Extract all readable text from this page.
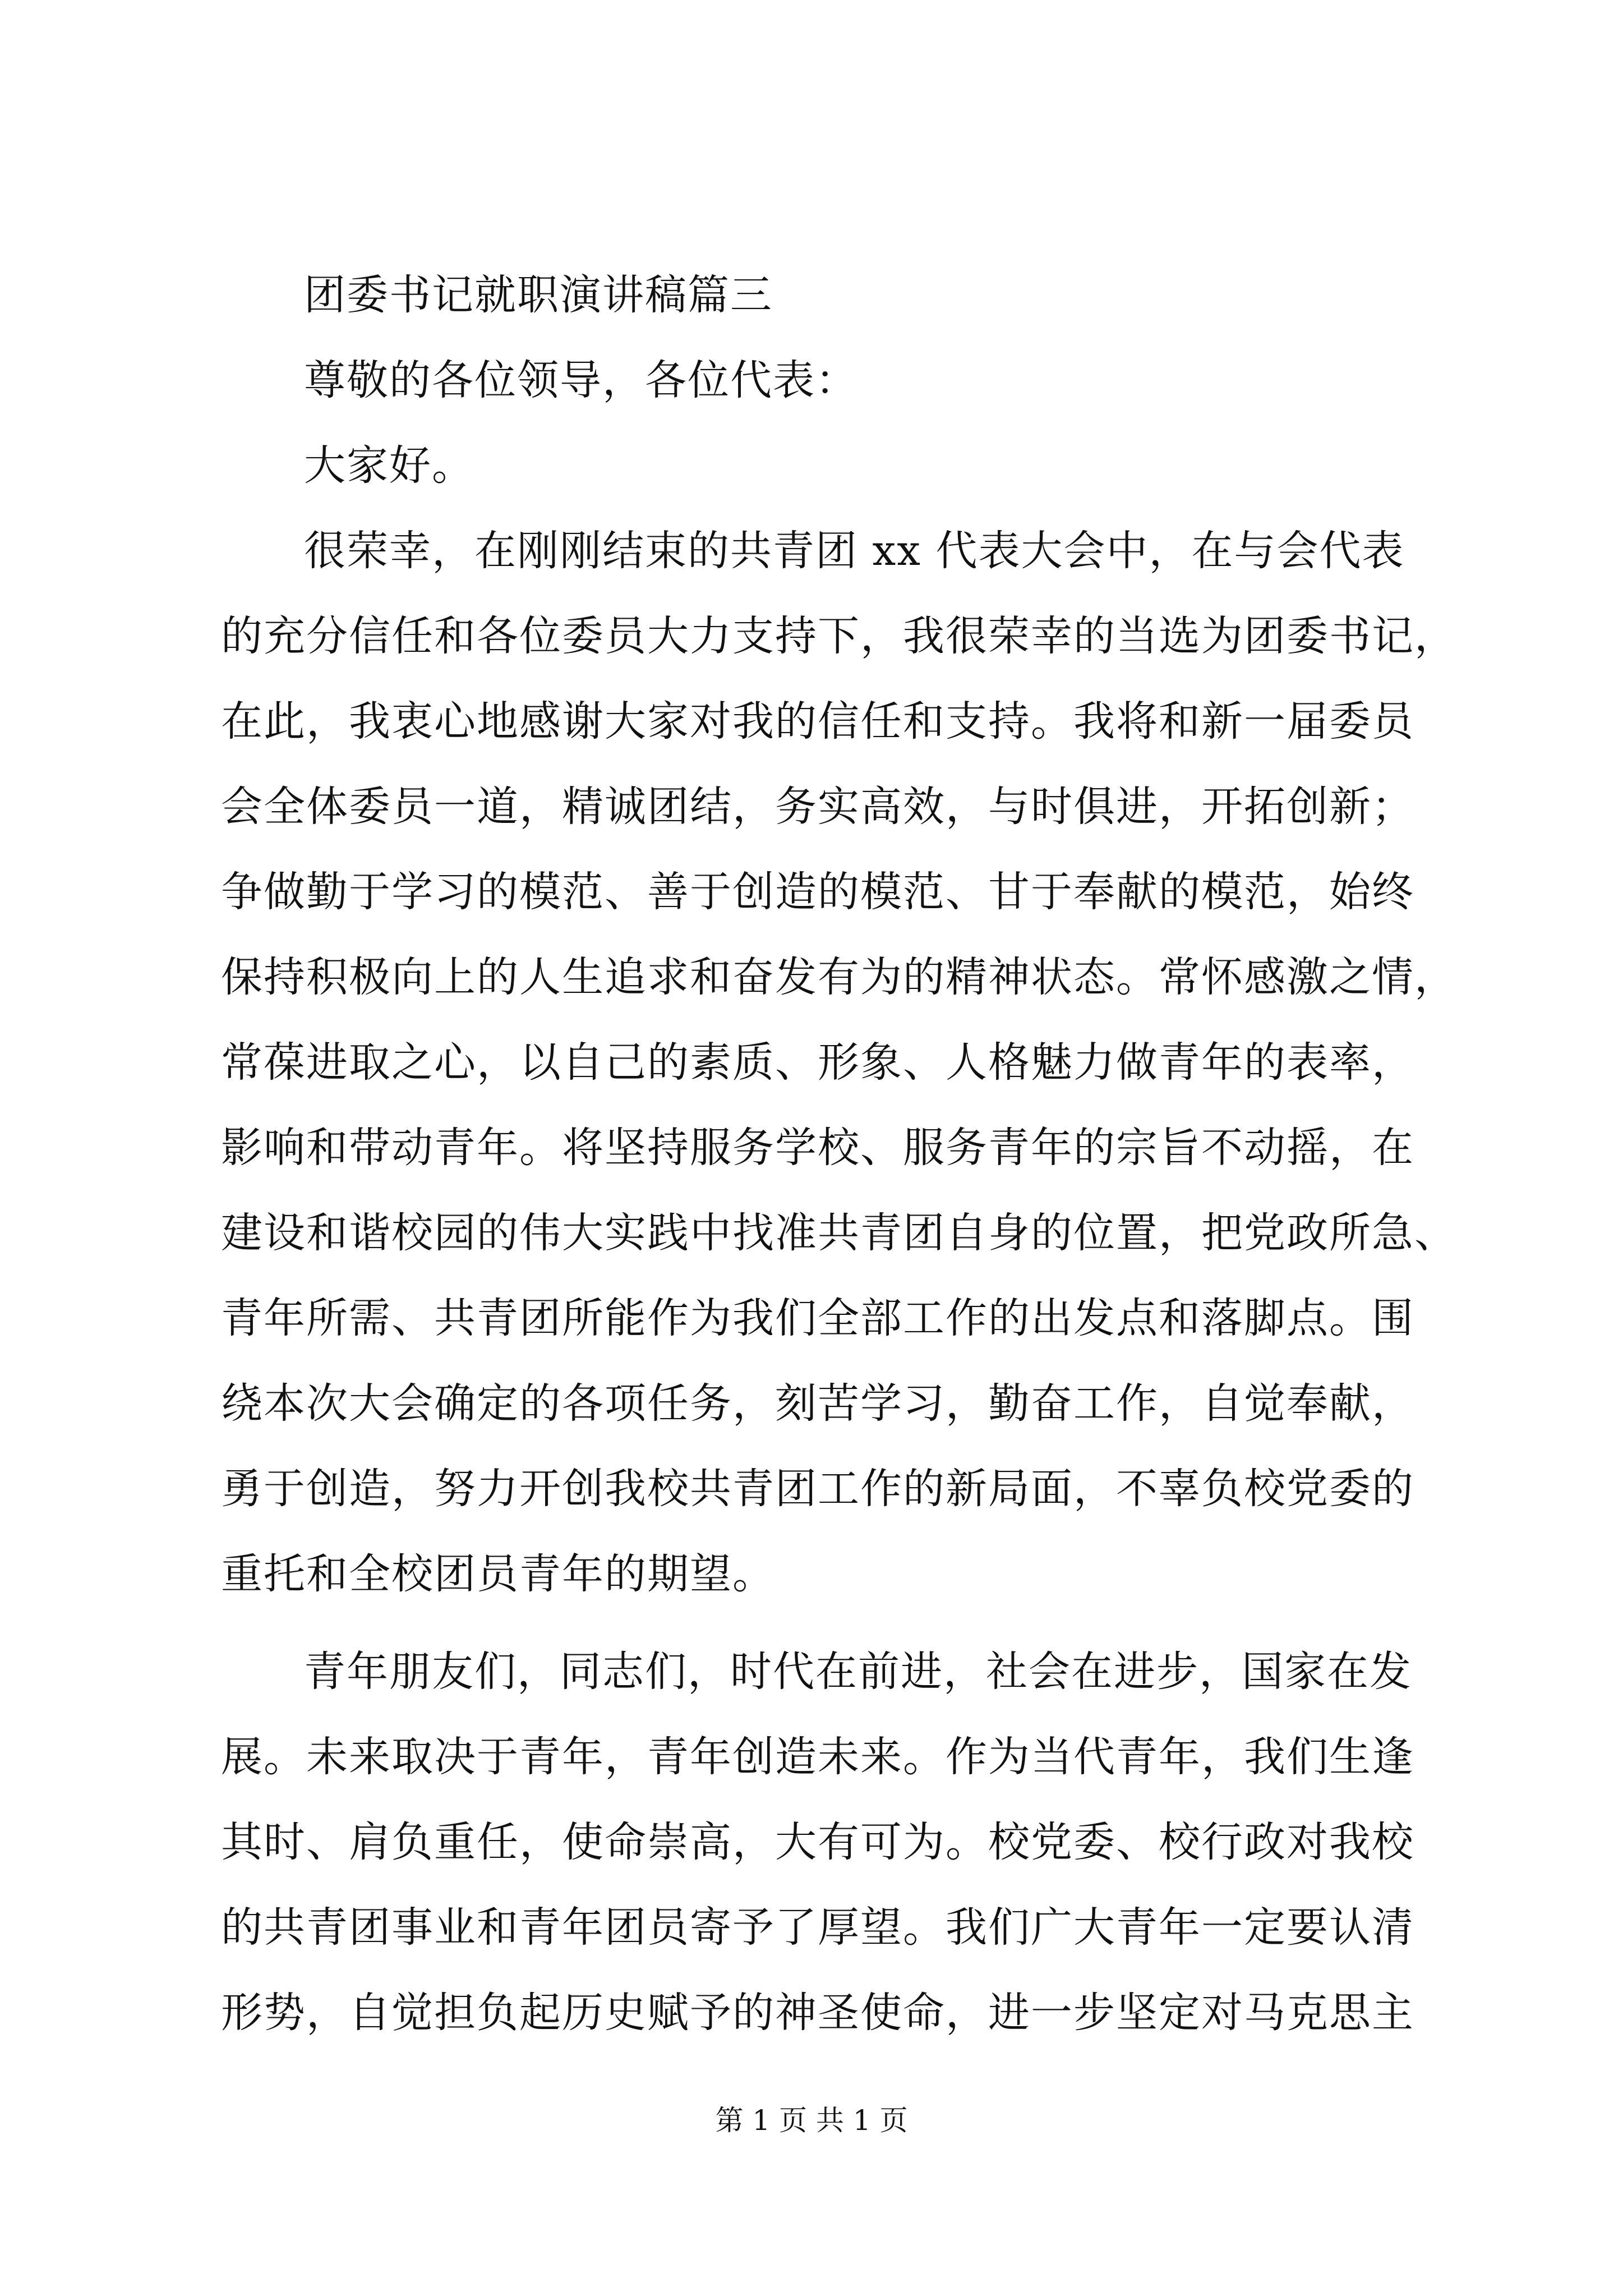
团委书记就职演讲稿篇三
尊敬的各位领导，各位代表：
大家好。
很荣幸，在刚刚结束的共青团 xx 代表大会中，在与会代表
的充分信任和各位委员大力支持下，我很荣幸的当选为团委书记，
在此，我衷心地感谢大家对我的信任和支持。我将和新一届委员
会全体委员一道，精诚团结，务实高效，与时俱进，开拓创新；
争做勤于学习的模范、善于创造的模范、甘于奉献的模范，始终
保持积极向上的人生追求和奋发有为的精神状态。常怀感激之情，
常葆进取之心，以自己的素质、形象、人格魅力做青年的表率，
影响和带动青年。将坚持服务学校、服务青年的宗旨不动摇，在
建设和谐校园的伟大实践中找准共青团自身的位置，把党政所急、
青年所需、共青团所能作为我们全部工作的出发点和落脚点。围
绕本次大会确定的各项任务，刻苦学习，勤奋工作，自觉奉献，
勇于创造，努力开创我校共青团工作的新局面，不辜负校党委的
重托和全校团员青年的期望。
青年朋友们，同志们，时代在前进，社会在进步，国家在发
展。未来取决于青年，青年创造未来。作为当代青年，我们生逢
其时、肩负重任，使命崇高，大有可为。校党委、校行政对我校
的共青团事业和青年团员寄予了厚望。我们广大青年一定要认清
形势，自觉担负起历史赋予的神圣使命，进一步坚定对马克思主
第 1 页 共 1 页
